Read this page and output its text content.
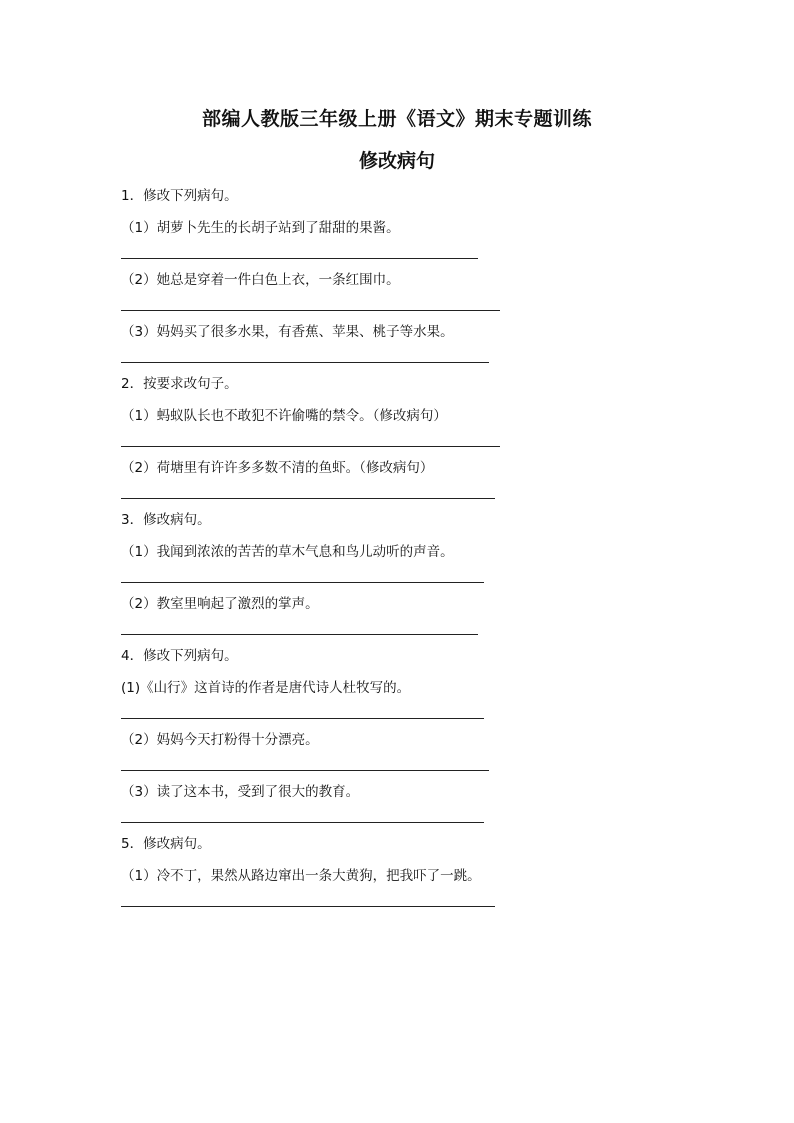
部编人教版三年级上册《语文》期末专题训练
修改病句
1．修改下列病句。
（1）胡萝卜先生的长胡子站到了甜甜的果酱。
（2）她总是穿着一件白色上衣，一条红围巾。
（3）妈妈买了很多水果，有香蕉、苹果、桃子等水果。
2．按要求改句子。
（1）蚂蚁队长也不敢犯不许偷嘴的禁令。（修改病句）
（2）荷塘里有许许多多数不清的鱼虾。（修改病句）
3．修改病句。
（1）我闻到浓浓的苦苦的草木气息和鸟儿动听的声音。
（2）教室里响起了激烈的掌声。
4．修改下列病句。
(1)《山行》这首诗的作者是唐代诗人杜牧写的。
（2）妈妈今天打粉得十分漂亮。
（3）读了这本书，受到了很大的教育。
5．修改病句。
（1）冷不丁，果然从路边窜出一条大黄狗，把我吓了一跳。
